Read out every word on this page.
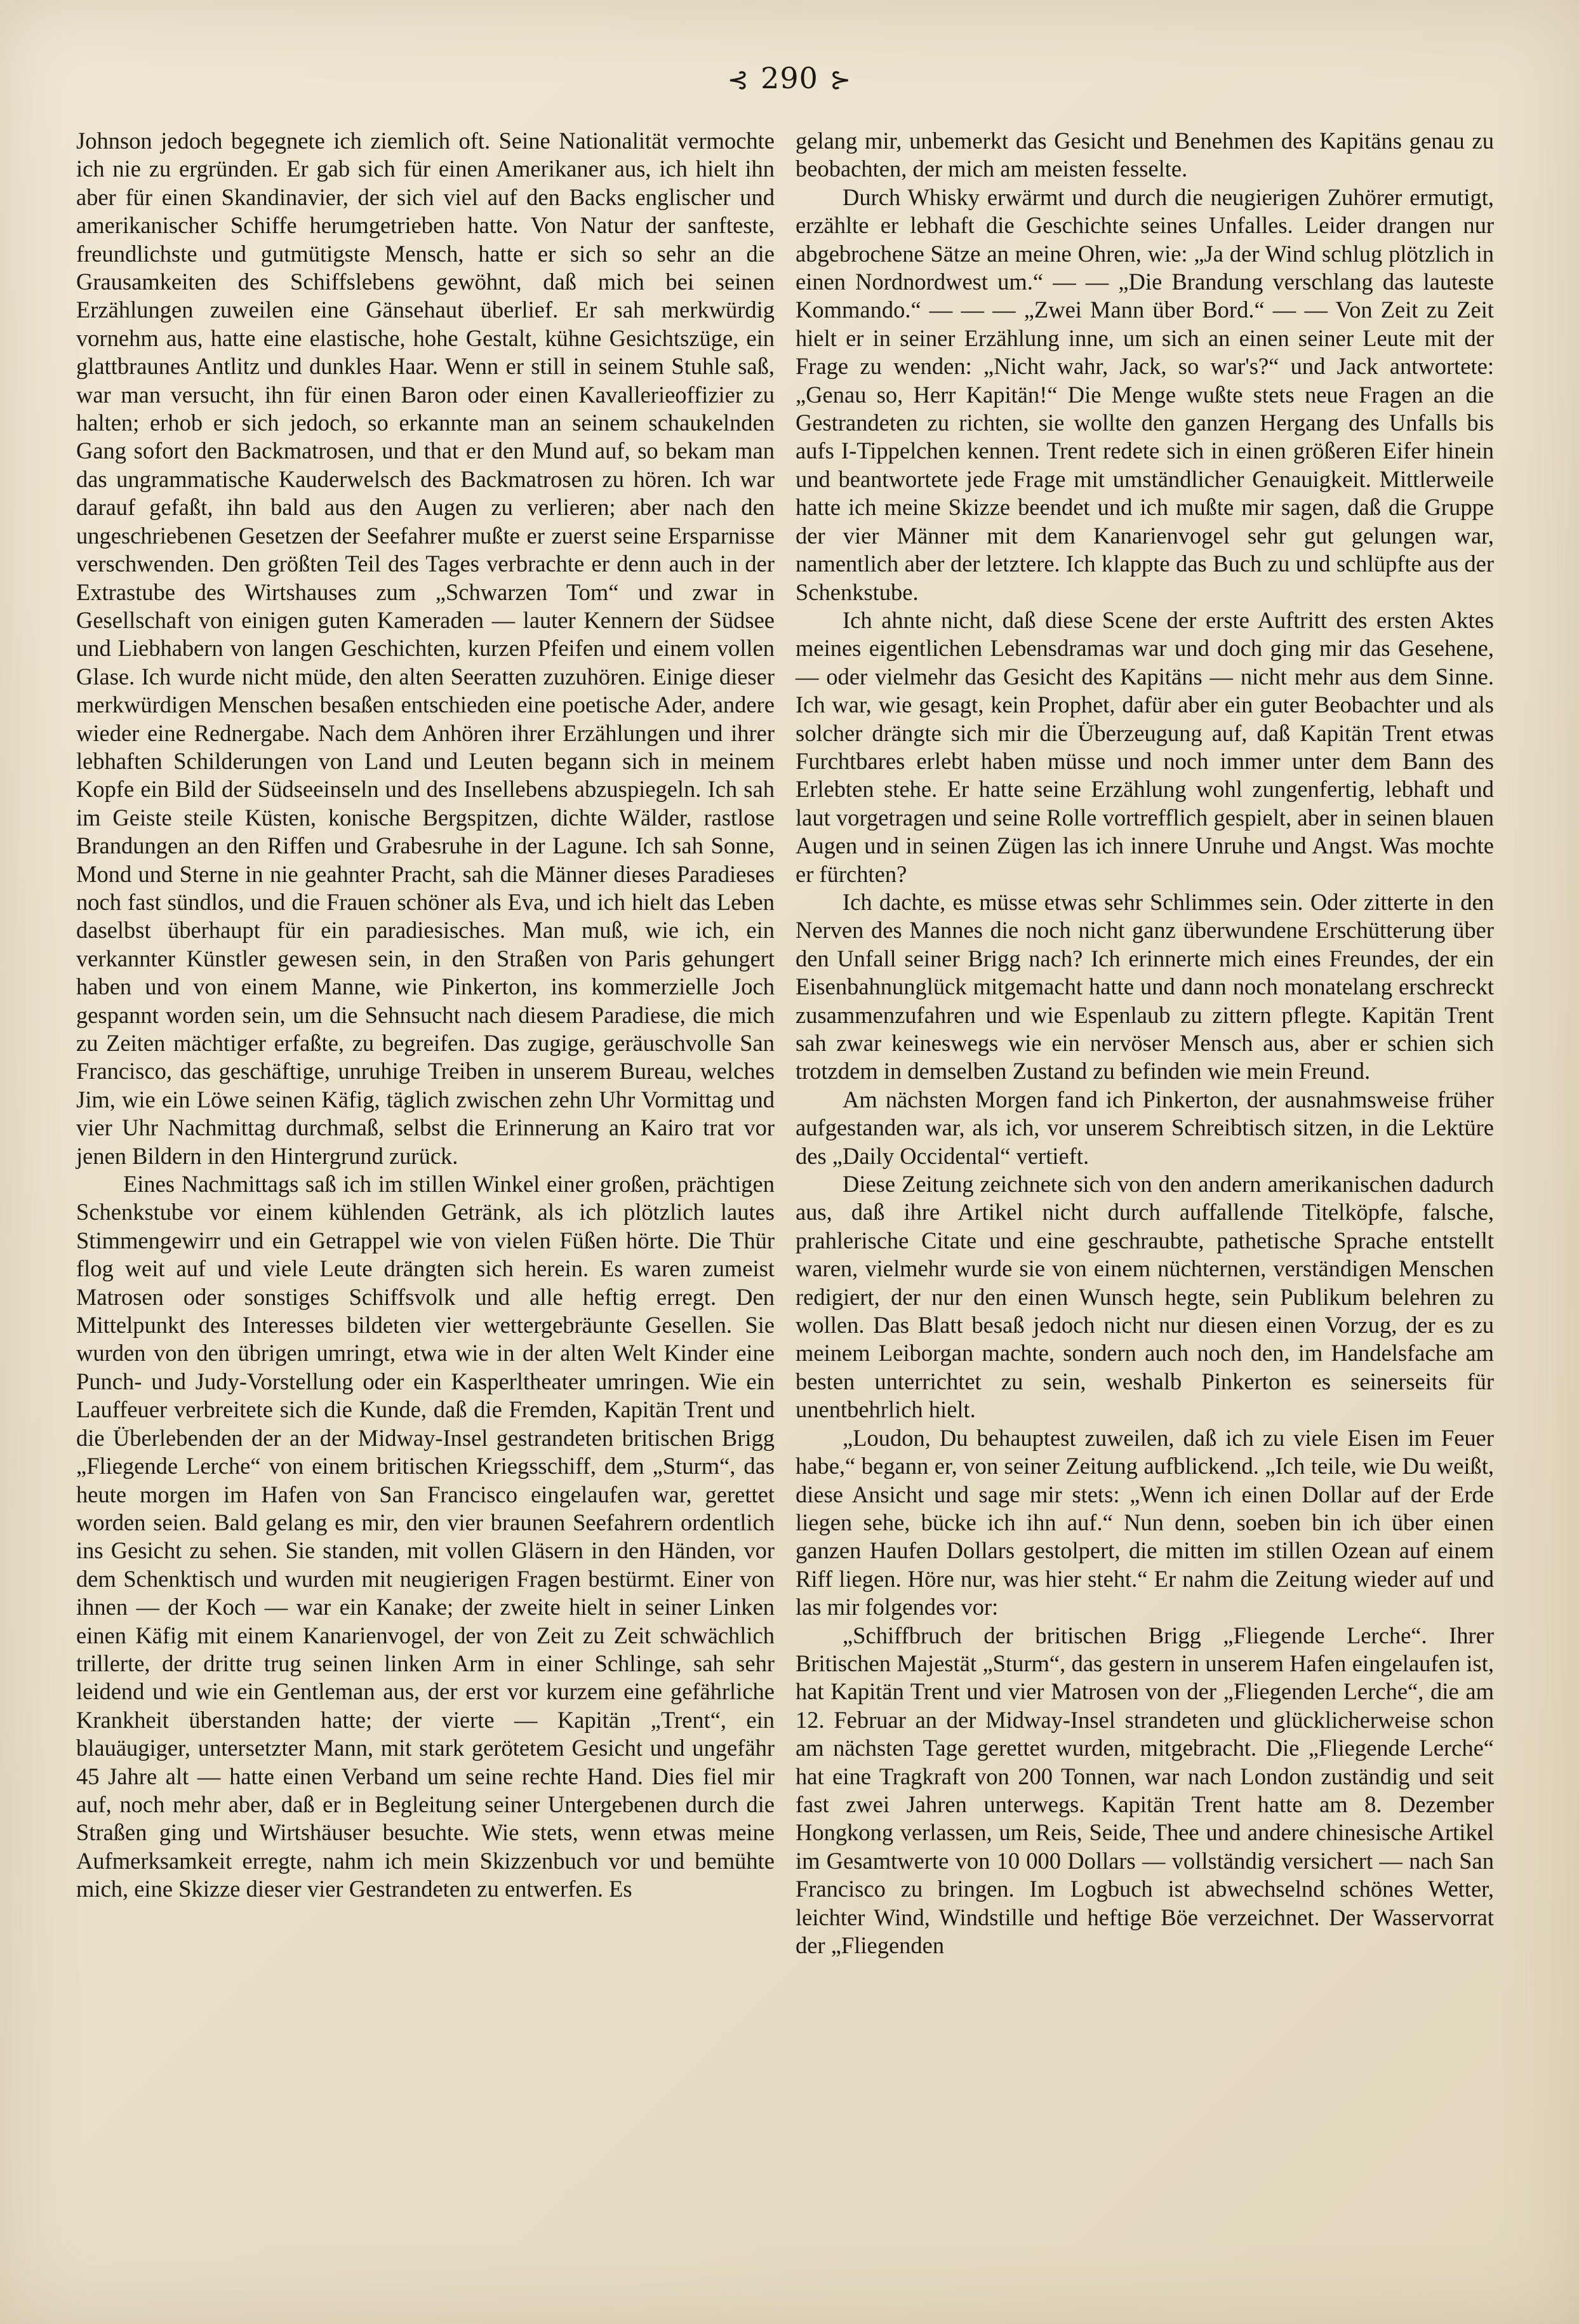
⊰ 290 ⊱

Johnson jedoch begegnete ich ziemlich oft. Seine Nationalität vermochte ich nie zu ergründen. Er gab sich für einen Amerikaner aus, ich hielt ihn aber für einen Skandinavier, der sich viel auf den Backs englischer und amerikanischer Schiffe herumgetrieben hatte. Von Natur der sanfteste, freundlichste und gutmütigste Mensch, hatte er sich so sehr an die Grausamkeiten des Schiffslebens gewöhnt, daß mich bei seinen Erzählungen zuweilen eine Gänsehaut überlief. Er sah merkwürdig vornehm aus, hatte eine elastische, hohe Gestalt, kühne Gesichtszüge, ein glattbraunes Antlitz und dunkles Haar. Wenn er still in seinem Stuhle saß, war man versucht, ihn für einen Baron oder einen Kavallerieoffizier zu halten; erhob er sich jedoch, so erkannte man an seinem schaukelnden Gang sofort den Backmatrosen, und that er den Mund auf, so bekam man das ungrammatische Kauderwelsch des Backmatrosen zu hören. Ich war darauf gefaßt, ihn bald aus den Augen zu verlieren; aber nach den ungeschriebenen Gesetzen der Seefahrer mußte er zuerst seine Ersparnisse verschwenden. Den größten Teil des Tages verbrachte er denn auch in der Extrastube des Wirtshauses zum „Schwarzen Tom“ und zwar in Gesellschaft von einigen guten Kameraden — lauter Kennern der Südsee und Liebhabern von langen Geschichten, kurzen Pfeifen und einem vollen Glase. Ich wurde nicht müde, den alten Seeratten zuzuhören. Einige dieser merkwürdigen Menschen besaßen entschieden eine poetische Ader, andere wieder eine Rednergabe. Nach dem Anhören ihrer Erzählungen und ihrer lebhaften Schilderungen von Land und Leuten begann sich in meinem Kopfe ein Bild der Südseeinseln und des Insellebens abzuspiegeln. Ich sah im Geiste steile Küsten, konische Bergspitzen, dichte Wälder, rastlose Brandungen an den Riffen und Grabesruhe in der Lagune. Ich sah Sonne, Mond und Sterne in nie geahnter Pracht, sah die Männer dieses Paradieses noch fast sündlos, und die Frauen schöner als Eva, und ich hielt das Leben daselbst überhaupt für ein paradiesisches. Man muß, wie ich, ein verkannter Künstler gewesen sein, in den Straßen von Paris gehungert haben und von einem Manne, wie Pinkerton, ins kommerzielle Joch gespannt worden sein, um die Sehnsucht nach diesem Paradiese, die mich zu Zeiten mächtiger erfaßte, zu begreifen. Das zugige, geräuschvolle San Francisco, das geschäftige, unruhige Treiben in unserem Bureau, welches Jim, wie ein Löwe seinen Käfig, täglich zwischen zehn Uhr Vormittag und vier Uhr Nachmittag durchmaß, selbst die Erinnerung an Kairo trat vor jenen Bildern in den Hintergrund zurück.

Eines Nachmittags saß ich im stillen Winkel einer großen, prächtigen Schenkstube vor einem kühlenden Getränk, als ich plötzlich lautes Stimmengewirr und ein Getrappel wie von vielen Füßen hörte. Die Thür flog weit auf und viele Leute drängten sich herein. Es waren zumeist Matrosen oder sonstiges Schiffsvolk und alle heftig erregt. Den Mittelpunkt des Interesses bildeten vier wettergebräunte Gesellen. Sie wurden von den übrigen umringt, etwa wie in der alten Welt Kinder eine Punch- und Judy-Vorstellung oder ein Kasperltheater umringen. Wie ein Lauffeuer verbreitete sich die Kunde, daß die Fremden, Kapitän Trent und die Überlebenden der an der Midway-Insel gestrandeten britischen Brigg „Fliegende Lerche“ von einem britischen Kriegsschiff, dem „Sturm“, das heute morgen im Hafen von San Francisco eingelaufen war, gerettet worden seien. Bald gelang es mir, den vier braunen Seefahrern ordentlich ins Gesicht zu sehen. Sie standen, mit vollen Gläsern in den Händen, vor dem Schenktisch und wurden mit neugierigen Fragen bestürmt. Einer von ihnen — der Koch — war ein Kanake; der zweite hielt in seiner Linken einen Käfig mit einem Kanarienvogel, der von Zeit zu Zeit schwächlich trillerte, der dritte trug seinen linken Arm in einer Schlinge, sah sehr leidend und wie ein Gentleman aus, der erst vor kurzem eine gefährliche Krankheit überstanden hatte; der vierte — Kapitän „Trent“, ein blauäugiger, untersetzter Mann, mit stark gerötetem Gesicht und ungefähr 45 Jahre alt — hatte einen Verband um seine rechte Hand. Dies fiel mir auf, noch mehr aber, daß er in Begleitung seiner Untergebenen durch die Straßen ging und Wirtshäuser besuchte. Wie stets, wenn etwas meine Aufmerksamkeit erregte, nahm ich mein Skizzenbuch vor und bemühte mich, eine Skizze dieser vier Gestrandeten zu entwerfen. Es

gelang mir, unbemerkt das Gesicht und Benehmen des Kapitäns genau zu beobachten, der mich am meisten fesselte.

Durch Whisky erwärmt und durch die neugierigen Zuhörer ermutigt, erzählte er lebhaft die Geschichte seines Unfalles. Leider drangen nur abgebrochene Sätze an meine Ohren, wie: „Ja der Wind schlug plötzlich in einen Nordnordwest um.“ — — „Die Brandung verschlang das lauteste Kommando.“ — — — „Zwei Mann über Bord.“ — — Von Zeit zu Zeit hielt er in seiner Erzählung inne, um sich an einen seiner Leute mit der Frage zu wenden: „Nicht wahr, Jack, so war's?“ und Jack antwortete: „Genau so, Herr Kapitän!“ Die Menge wußte stets neue Fragen an die Gestrandeten zu richten, sie wollte den ganzen Hergang des Unfalls bis aufs I-Tippelchen kennen. Trent redete sich in einen größeren Eifer hinein und beantwortete jede Frage mit umständlicher Genauigkeit. Mittlerweile hatte ich meine Skizze beendet und ich mußte mir sagen, daß die Gruppe der vier Männer mit dem Kanarienvogel sehr gut gelungen war, namentlich aber der letztere. Ich klappte das Buch zu und schlüpfte aus der Schenkstube.

Ich ahnte nicht, daß diese Scene der erste Auftritt des ersten Aktes meines eigentlichen Lebensdramas war und doch ging mir das Gesehene, — oder vielmehr das Gesicht des Kapitäns — nicht mehr aus dem Sinne. Ich war, wie gesagt, kein Prophet, dafür aber ein guter Beobachter und als solcher drängte sich mir die Überzeugung auf, daß Kapitän Trent etwas Furchtbares erlebt haben müsse und noch immer unter dem Bann des Erlebten stehe. Er hatte seine Erzählung wohl zungenfertig, lebhaft und laut vorgetragen und seine Rolle vortrefflich gespielt, aber in seinen blauen Augen und in seinen Zügen las ich innere Unruhe und Angst. Was mochte er fürchten?

Ich dachte, es müsse etwas sehr Schlimmes sein. Oder zitterte in den Nerven des Mannes die noch nicht ganz überwundene Erschütterung über den Unfall seiner Brigg nach? Ich erinnerte mich eines Freundes, der ein Eisenbahnunglück mitgemacht hatte und dann noch monatelang erschreckt zusammenzufahren und wie Espenlaub zu zittern pflegte. Kapitän Trent sah zwar keineswegs wie ein nervöser Mensch aus, aber er schien sich trotzdem in demselben Zustand zu befinden wie mein Freund.

Am nächsten Morgen fand ich Pinkerton, der ausnahmsweise früher aufgestanden war, als ich, vor unserem Schreibtisch sitzen, in die Lektüre des „Daily Occidental“ vertieft.

Diese Zeitung zeichnete sich von den andern amerikanischen dadurch aus, daß ihre Artikel nicht durch auffallende Titelköpfe, falsche, prahlerische Citate und eine geschraubte, pathetische Sprache entstellt waren, vielmehr wurde sie von einem nüchternen, verständigen Menschen redigiert, der nur den einen Wunsch hegte, sein Publikum belehren zu wollen. Das Blatt besaß jedoch nicht nur diesen einen Vorzug, der es zu meinem Leiborgan machte, sondern auch noch den, im Handelsfache am besten unterrichtet zu sein, weshalb Pinkerton es seinerseits für unentbehrlich hielt.

„Loudon, Du behauptest zuweilen, daß ich zu viele Eisen im Feuer habe,“ begann er, von seiner Zeitung aufblickend. „Ich teile, wie Du weißt, diese Ansicht und sage mir stets: „Wenn ich einen Dollar auf der Erde liegen sehe, bücke ich ihn auf.“ Nun denn, soeben bin ich über einen ganzen Haufen Dollars gestolpert, die mitten im stillen Ozean auf einem Riff liegen. Höre nur, was hier steht.“ Er nahm die Zeitung wieder auf und las mir folgendes vor:

„Schiffbruch der britischen Brigg „Fliegende Lerche“. Ihrer Britischen Majestät „Sturm“, das gestern in unserem Hafen eingelaufen ist, hat Kapitän Trent und vier Matrosen von der „Fliegenden Lerche“, die am 12. Februar an der Midway-Insel strandeten und glücklicherweise schon am nächsten Tage gerettet wurden, mitgebracht. Die „Fliegende Lerche“ hat eine Tragkraft von 200 Tonnen, war nach London zuständig und seit fast zwei Jahren unterwegs. Kapitän Trent hatte am 8. Dezember Hongkong verlassen, um Reis, Seide, Thee und andere chinesische Artikel im Gesamtwerte von 10 000 Dollars — vollständig versichert — nach San Francisco zu bringen. Im Logbuch ist abwechselnd schönes Wetter, leichter Wind, Windstille und heftige Böe verzeichnet. Der Wasservorrat der „Fliegenden
